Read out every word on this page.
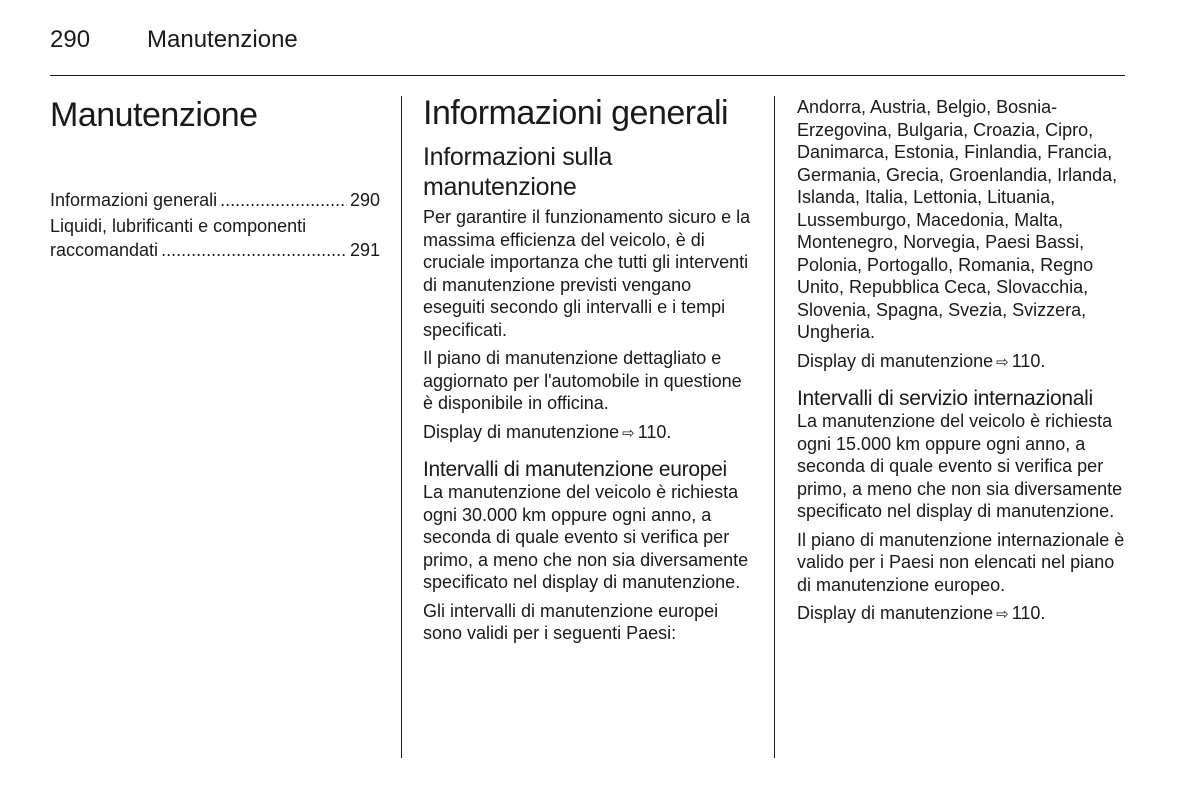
290 Manutenzione
Manutenzione
Informazioni generali .....	290
Liquidi, lubrificanti e componenti
raccomandati .....	291
Informazioni generali
Informazioni sulla manutenzione

Per garantire il funzionamento sicuro e la massima efficienza del veicolo, è di cruciale importanza che tutti gli interventi di manutenzione previsti vengano eseguiti secondo gli intervalli e i tempi specificati.

Il piano di manutenzione dettagliato e aggiornato per l'automobile in questione è disponibile in officina.

Display di manutenzione ⇨ 110.

Intervalli di manutenzione europei

La manutenzione del veicolo è richiesta ogni 30.000 km oppure ogni anno, a seconda di quale evento si verifica per primo, a meno che non sia diversamente specificato nel display di manutenzione.

Gli intervalli di manutenzione europei sono validi per i seguenti Paesi:

Andorra, Austria, Belgio, Bosnia-Erzegovina, Bulgaria, Croazia, Cipro, Danimarca, Estonia, Finlandia, Francia, Germania, Grecia, Groenlandia, Irlanda, Islanda, Italia, Lettonia, Lituania, Lussemburgo, Macedonia, Malta, Montenegro, Norvegia, Paesi Bassi, Polonia, Portogallo, Romania, Regno Unito, Repubblica Ceca, Slovacchia, Slovenia, Spagna, Svezia, Svizzera, Ungheria.

Display di manutenzione ⇨ 110.

Intervalli di servizio internazionali

La manutenzione del veicolo è richiesta ogni 15.000 km oppure ogni anno, a seconda di quale evento si verifica per primo, a meno che non sia diversamente specificato nel display di manutenzione.

Il piano di manutenzione internazionale è valido per i Paesi non elencati nel piano di manutenzione europeo.

Display di manutenzione ⇨ 110.
